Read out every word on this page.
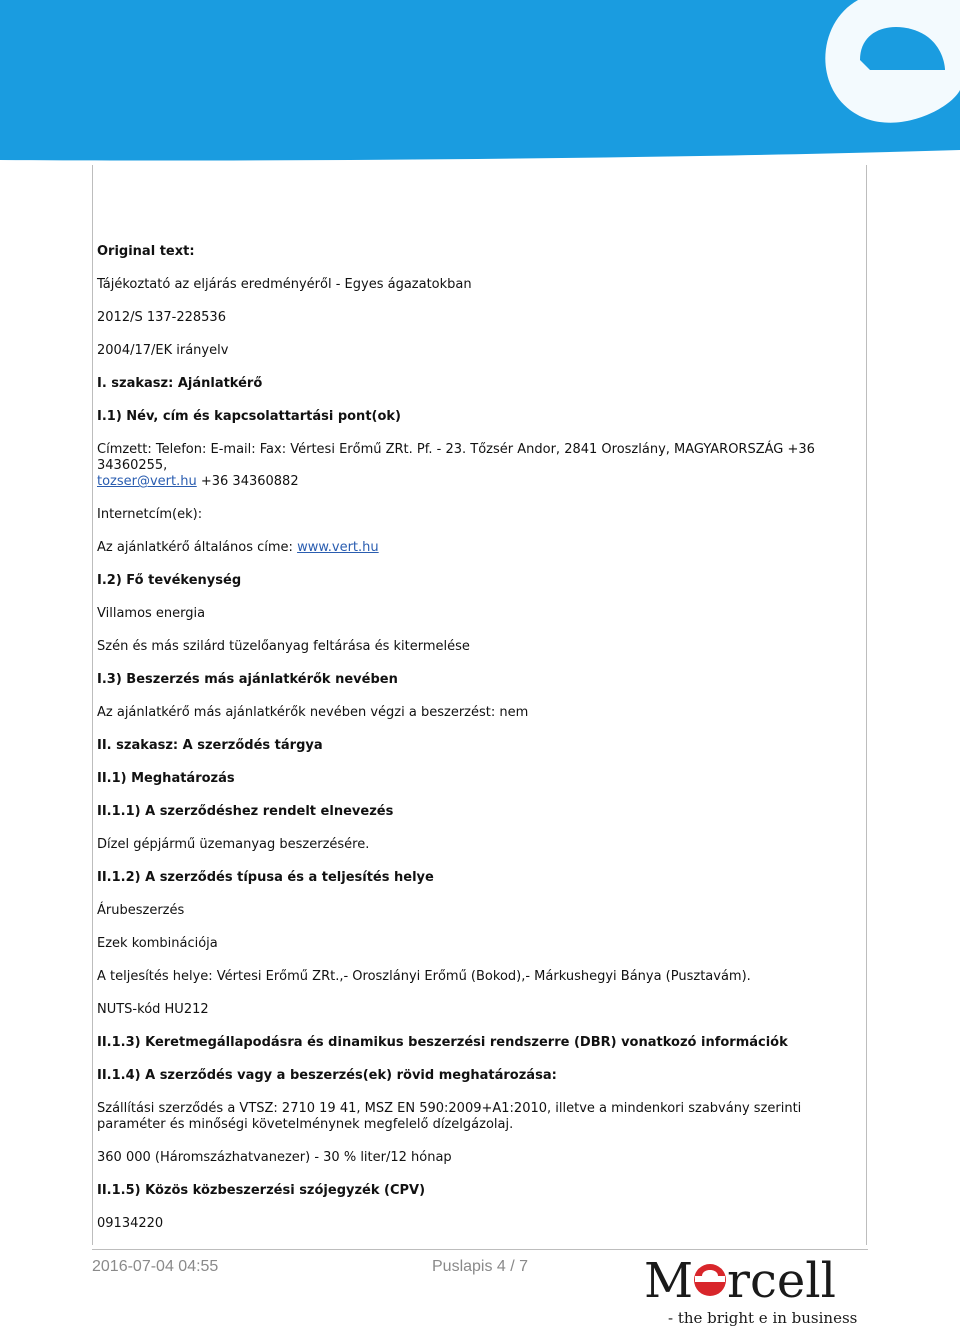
Original text:
Tájékoztató az eljárás eredményéről - Egyes ágazatokban
2012/S 137-228536
2004/17/EK irányelv
I. szakasz: Ajánlatkérő
I.1) Név, cím és kapcsolattartási pont(ok)
Címzett: Telefon: E-mail: Fax: Vértesi Erőmű ZRt. Pf. - 23. Tőzsér Andor, 2841 Oroszlány, MAGYARORSZÁG +36 34360255,
tozser@vert.hu +36 34360882
Internetcím(ek):
Az ajánlatkérő általános címe: www.vert.hu
I.2) Fő tevékenység
Villamos energia
Szén és más szilárd tüzelőanyag feltárása és kitermelése
I.3) Beszerzés más ajánlatkérők nevében
Az ajánlatkérő más ajánlatkérők nevében végzi a beszerzést: nem
II. szakasz: A szerződés tárgya
II.1) Meghatározás
II.1.1) A szerződéshez rendelt elnevezés
Dízel gépjármű üzemanyag beszerzésére.
II.1.2) A szerződés típusa és a teljesítés helye
Árubeszerzés
Ezek kombinációja
A teljesítés helye: Vértesi Erőmű ZRt.,- Oroszlányi Erőmű (Bokod),- Márkushegyi Bánya (Pusztavám).
NUTS-kód HU212
II.1.3) Keretmegállapodásra és dinamikus beszerzési rendszerre (DBR) vonatkozó információk
II.1.4) A szerződés vagy a beszerzés(ek) rövid meghatározása:
Szállítási szerződés a VTSZ: 2710 19 41, MSZ EN 590:2009+A1:2010, illetve a mindenkori szabvány szerinti paraméter és minőségi követelménynek megfelelő dízelgázolaj.
360 000 (Háromszázhatvanezer) - 30 % liter/12 hónap
II.1.5) Közös közbeszerzési szójegyzék (CPV)
09134220
2016-07-04 04:55	Puslapis 4 / 7 M rcell
- the bright e in business
